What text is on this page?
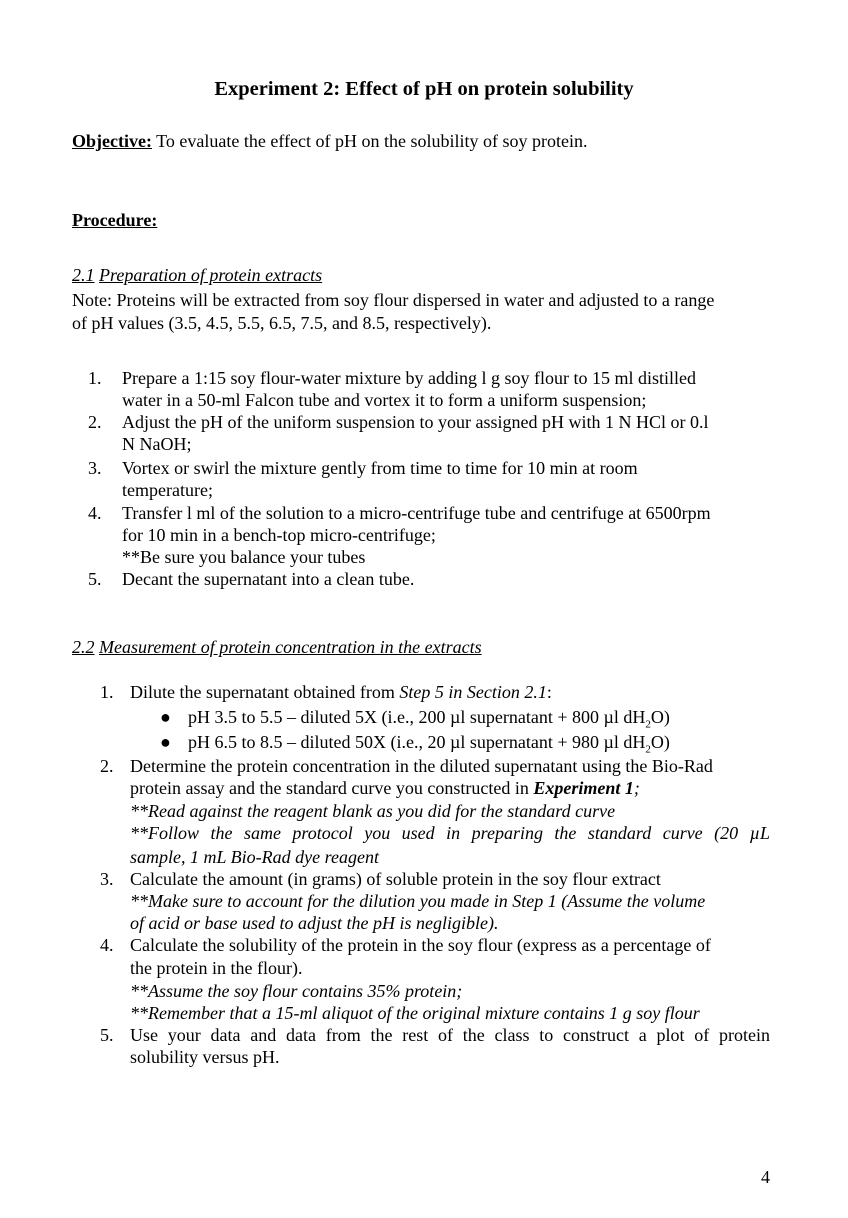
Experiment 2: Effect of pH on protein solubility
Objective: To evaluate the effect of pH on the solubility of soy protein.
Procedure:
2.1 Preparation of protein extracts
Note: Proteins will be extracted from soy flour dispersed in water and adjusted to a range
of pH values (3.5, 4.5, 5.5, 6.5, 7.5, and 8.5, respectively).
1. Prepare a 1:15 soy flour-water mixture by adding l g soy flour to 15 ml distilled
water in a 50-ml Falcon tube and vortex it to form a uniform suspension;
2. Adjust the pH of the uniform suspension to your assigned pH with 1 N HCl or 0.l
N NaOH;
3. Vortex or swirl the mixture gently from time to time for 10 min at room
temperature;
4. Transfer l ml of the solution to a micro-centrifuge tube and centrifuge at 6500rpm
for 10 min in a bench-top micro-centrifuge;
**Be sure you balance your tubes
5. Decant the supernatant into a clean tube.
2.2 Measurement of protein concentration in the extracts
1. Dilute the supernatant obtained from Step 5 in Section 2.1:
● pH 3.5 to 5.5 – diluted 5X (i.e., 200 µl supernatant + 800 µl $dH_2O$)
● pH 6.5 to 8.5 – diluted 50X (i.e., 20 µl supernatant + 980 µl $dH_2O$)
2. Determine the protein concentration in the diluted supernatant using the Bio-Rad
protein assay and the standard curve you constructed in Experiment 1;
**Read against the reagent blank as you did for the standard curve
**Follow the same protocol you used in preparing the standard curve (20 µL
sample, 1 mL Bio-Rad dye reagent
3. Calculate the amount (in grams) of soluble protein in the soy flour extract
**Make sure to account for the dilution you made in Step 1 (Assume the volume
of acid or base used to adjust the pH is negligible).
4. Calculate the solubility of the protein in the soy flour (express as a percentage of
the protein in the flour).
**Assume the soy flour contains 35% protein;
**Remember that a 15-ml aliquot of the original mixture contains 1 g soy flour
5. Use your data and data from the rest of the class to construct a plot of protein
solubility versus pH.
4
